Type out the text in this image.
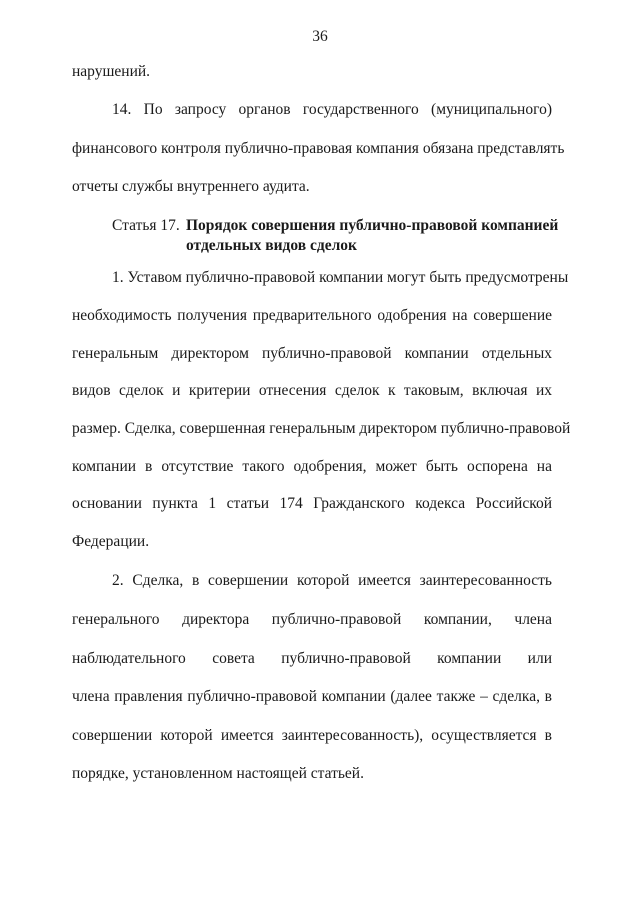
36
нарушений.
14. По запросу органов государственного (муниципального)
финансового контроля публично-правовая компания обязана представлять
отчеты службы внутреннего аудита.
Статья 17. Порядок совершения публично-правовой компанией
отдельных видов сделок
1. Уставом публично-правовой компании могут быть предусмотрены
необходимость получения предварительного одобрения на совершение
генеральным директором публично-правовой компании отдельных
видов сделок и критерии отнесения сделок к таковым, включая их
размер. Сделка, совершенная генеральным директором публично-правовой
компании в отсутствие такого одобрения, может быть оспорена на
основании пункта 1 статьи 174 Гражданского кодекса Российской
Федерации.
2. Сделка, в совершении которой имеется заинтересованность
генерального директора публично-правовой компании, члена
наблюдательного совета публично-правовой компании или
члена правления публично-правовой компании (далее также – сделка, в
совершении которой имеется заинтересованность), осуществляется в
порядке, установленном настоящей статьей.
